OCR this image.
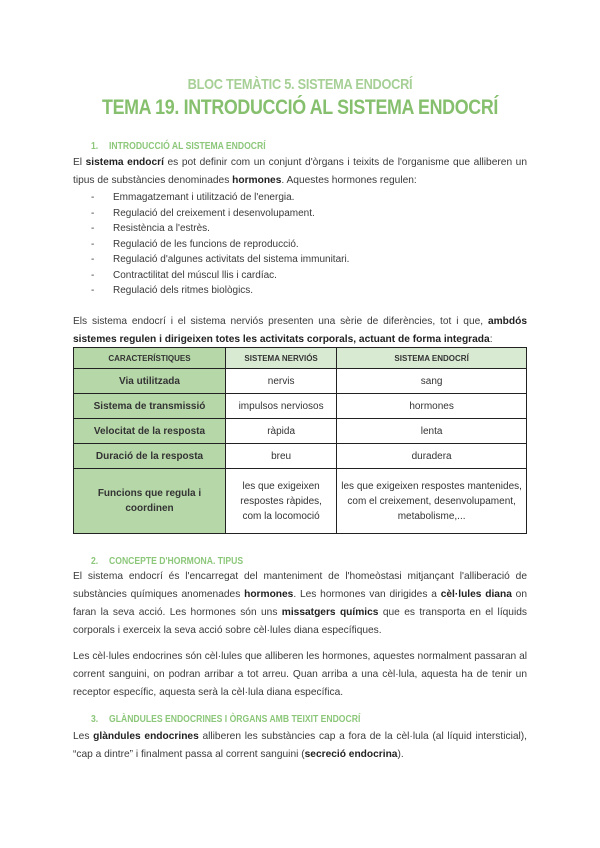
BLOC TEMÀTIC 5. SISTEMA ENDOCRÍ
TEMA 19. INTRODUCCIÓ AL SISTEMA ENDOCRÍ
1. INTRODUCCIÓ AL SISTEMA ENDOCRÍ

El sistema endocrí es pot definir com un conjunt d'òrgans i teixits de l'organisme que alliberen un tipus de substàncies denominades hormones. Aquestes hormones regulen:

- Emmagatzemant i utilització de l'energia.
- Regulació del creixement i desenvolupament.
- Resistència a l'estrès.
- Regulació de les funcions de reproducció.
- Regulació d'algunes activitats del sistema immunitari.
- Contractilitat del múscul llis i cardíac.
- Regulació dels ritmes biològics.

Els sistema endocrí i el sistema nerviós presenten una sèrie de diferències, tot i que, ambdós sistemes regulen i dirigeixen totes les activitats corporals, actuant de forma integrada:

CARACTERÍSTIQUES	SISTEMA NERVIÓS	SISTEMA ENDOCRÍ
Via utilitzada	nervis	sang
Sistema de transmissió	impulsos nerviosos	hormones
Velocitat de la resposta	ràpida	lenta
Duració de la resposta	breu	duradera
Funcions que regula i coordinen	les que exigeixen respostes ràpides, com la locomoció	les que exigeixen respostes mantenides, com el creixement, desenvolupament, metabolisme,...
2. CONCEPTE D'HORMONA. TIPUS

El sistema endocrí és l'encarregat del manteniment de l'homeòstasi mitjançant l'alliberació de substàncies químiques anomenades hormones. Les hormones van dirigides a cèl·lules diana on faran la seva acció. Les hormones són uns missatgers químics que es transporta en el líquids corporals i exerceix la seva acció sobre cèl·lules diana específiques.

Les cèl·lules endocrines són cèl·lules que alliberen les hormones, aquestes normalment passaran al corrent sanguini, on podran arribar a tot arreu. Quan arriba a una cèl·lula, aquesta ha de tenir un receptor específic, aquesta serà la cèl·lula diana específica.

3. GLÀNDULES ENDOCRINES I ÒRGANS AMB TEIXIT ENDOCRÍ

Les glàndules endocrines alliberen les substàncies cap a fora de la cèl·lula (al líquid intersticial), “cap a dintre” i finalment passa al corrent sanguini (secreció endocrina).
